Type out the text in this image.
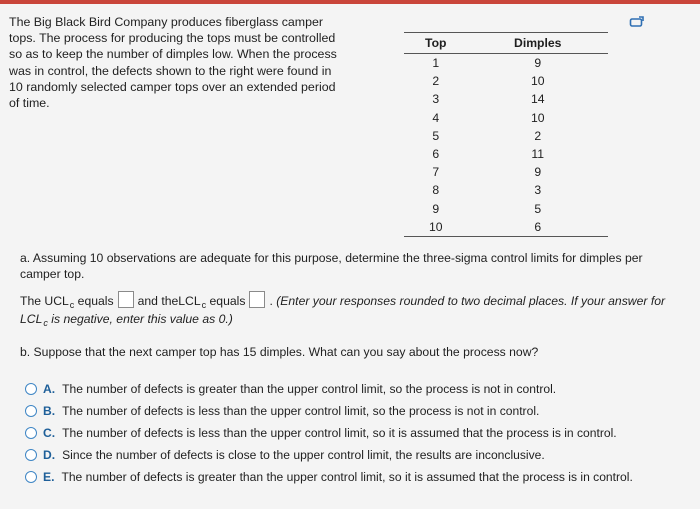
The Big Black Bird Company produces fiberglass camper tops. The process for producing the tops must be controlled so as to keep the number of dimples low. When the process was in control, the defects shown to the right were found in 10 randomly selected camper tops over an extended period of time.
Top	Dimples
1	9
2	10
3	14
4	10
5	2
6	11
7	9
8	3
9	5
10	6
a. Assuming 10 observations are adequate for this purpose, determine the three-sigma control limits for dimples per camper top.
The $UCL_c$ equals and theLCL$_c$ equals . (Enter your responses rounded to two decimal places. If your answer for
$LCL_c$ is negative, enter this value as 0.)
b. Suppose that the next camper top has 15 dimples. What can you say about the process now?
A. The number of defects is greater than the upper control limit, so the process is not in control.
B. The number of defects is less than the upper control limit, so the process is not in control.
C. The number of defects is less than the upper control limit, so it is assumed that the process is in control.
D. Since the number of defects is close to the upper control limit, the results are inconclusive.
E. The number of defects is greater than the upper control limit, so it is assumed that the process is in control.
